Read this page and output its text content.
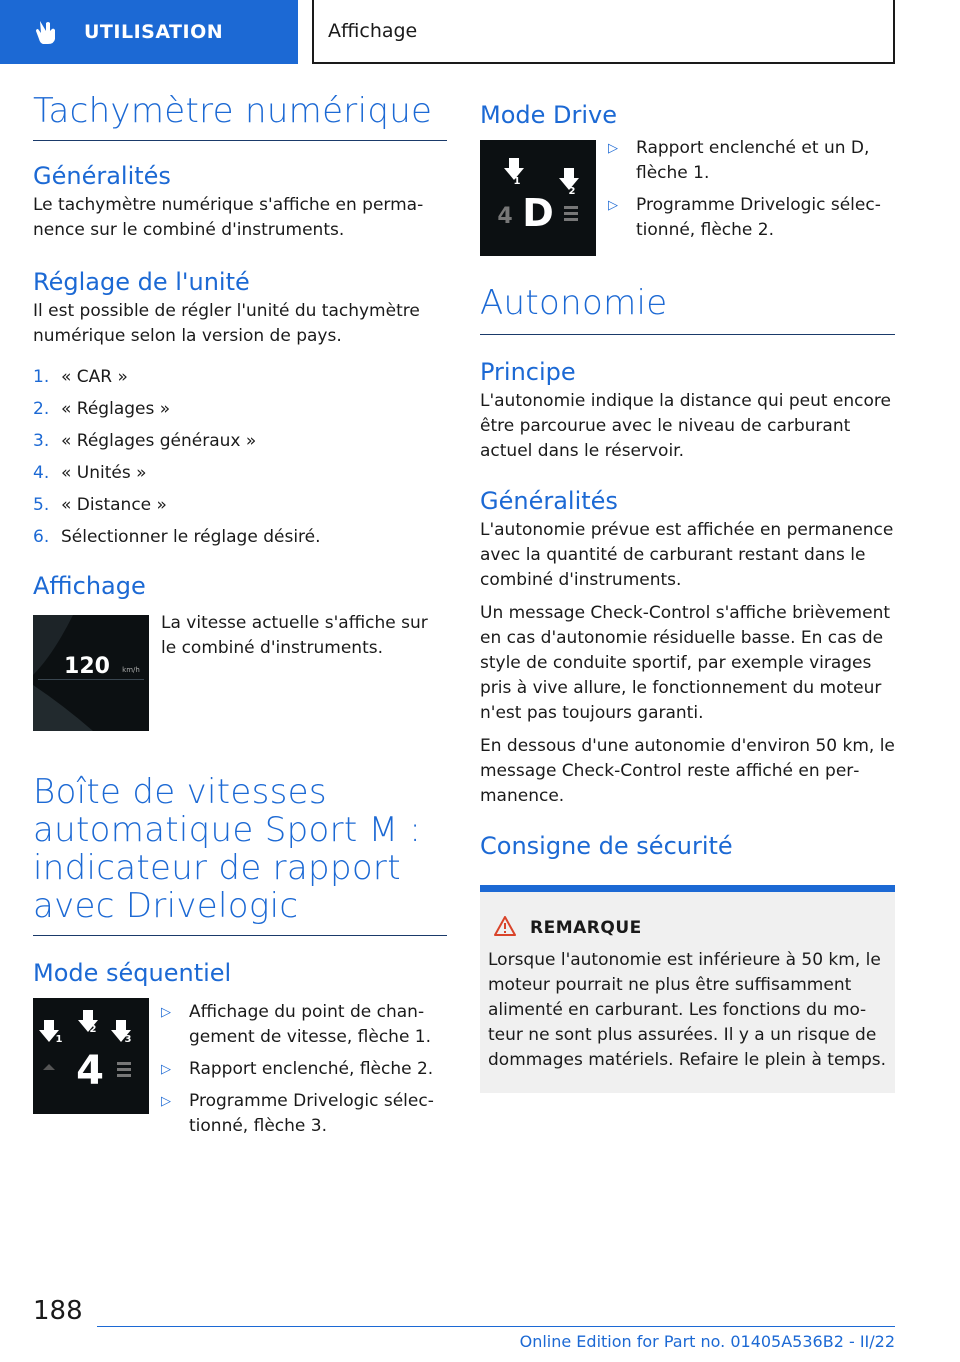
UTILISATION	Affichage
Tachymètre numérique
Généralités
Le tachymètre numérique s'affiche en permanence sur le combiné d'instruments.
Réglage de l'unité
Il est possible de régler l'unité du tachymètre numérique selon la version de pays.
1. « CAR »
2. « Réglages »
3. « Réglages généraux »
4. « Unités »
5. « Distance »
6. Sélectionner le réglage désiré.
Affichage
120 km/h
La vitesse actuelle s'affiche sur le combiné d'instruments.
Boîte de vitesses automatique Sport M : indicateur de rapport avec Drivelogic
Mode séquentiel
1
2
3
4
▷	Affichage du point de changement de vitesse, flèche 1.
▷	Rapport enclenché, flèche 2.
▷	Programme Drivelogic sélectionné, flèche 3.
Mode Drive
1
2
4 D
▷	Rapport enclenché et un D, flèche 1.
▷	Programme Drivelogic sélectionné, flèche 2.
Autonomie
Principe
L'autonomie indique la distance qui peut encore être parcourue avec le niveau de carburant actuel dans le réservoir.
Généralités
L'autonomie prévue est affichée en permanence avec la quantité de carburant restant dans le combiné d'instruments.
Un message Check-Control s'affiche brièvement en cas d'autonomie résiduelle basse. En cas de style de conduite sportif, par exemple virages pris à vive allure, le fonctionnement du moteur n'est pas toujours garanti.
En dessous d'une autonomie d'environ 50 km, le message Check-Control reste affiché en permanence.
Consigne de sécurité
REMARQUE
Lorsque l'autonomie est inférieure à 50 km, le moteur pourrait ne plus être suffisamment alimenté en carburant. Les fonctions du moteur ne sont plus assurées. Il y a un risque de dommages matériels. Refaire le plein à temps.
188
Online Edition for Part no. 01405A536B2 - II/22
